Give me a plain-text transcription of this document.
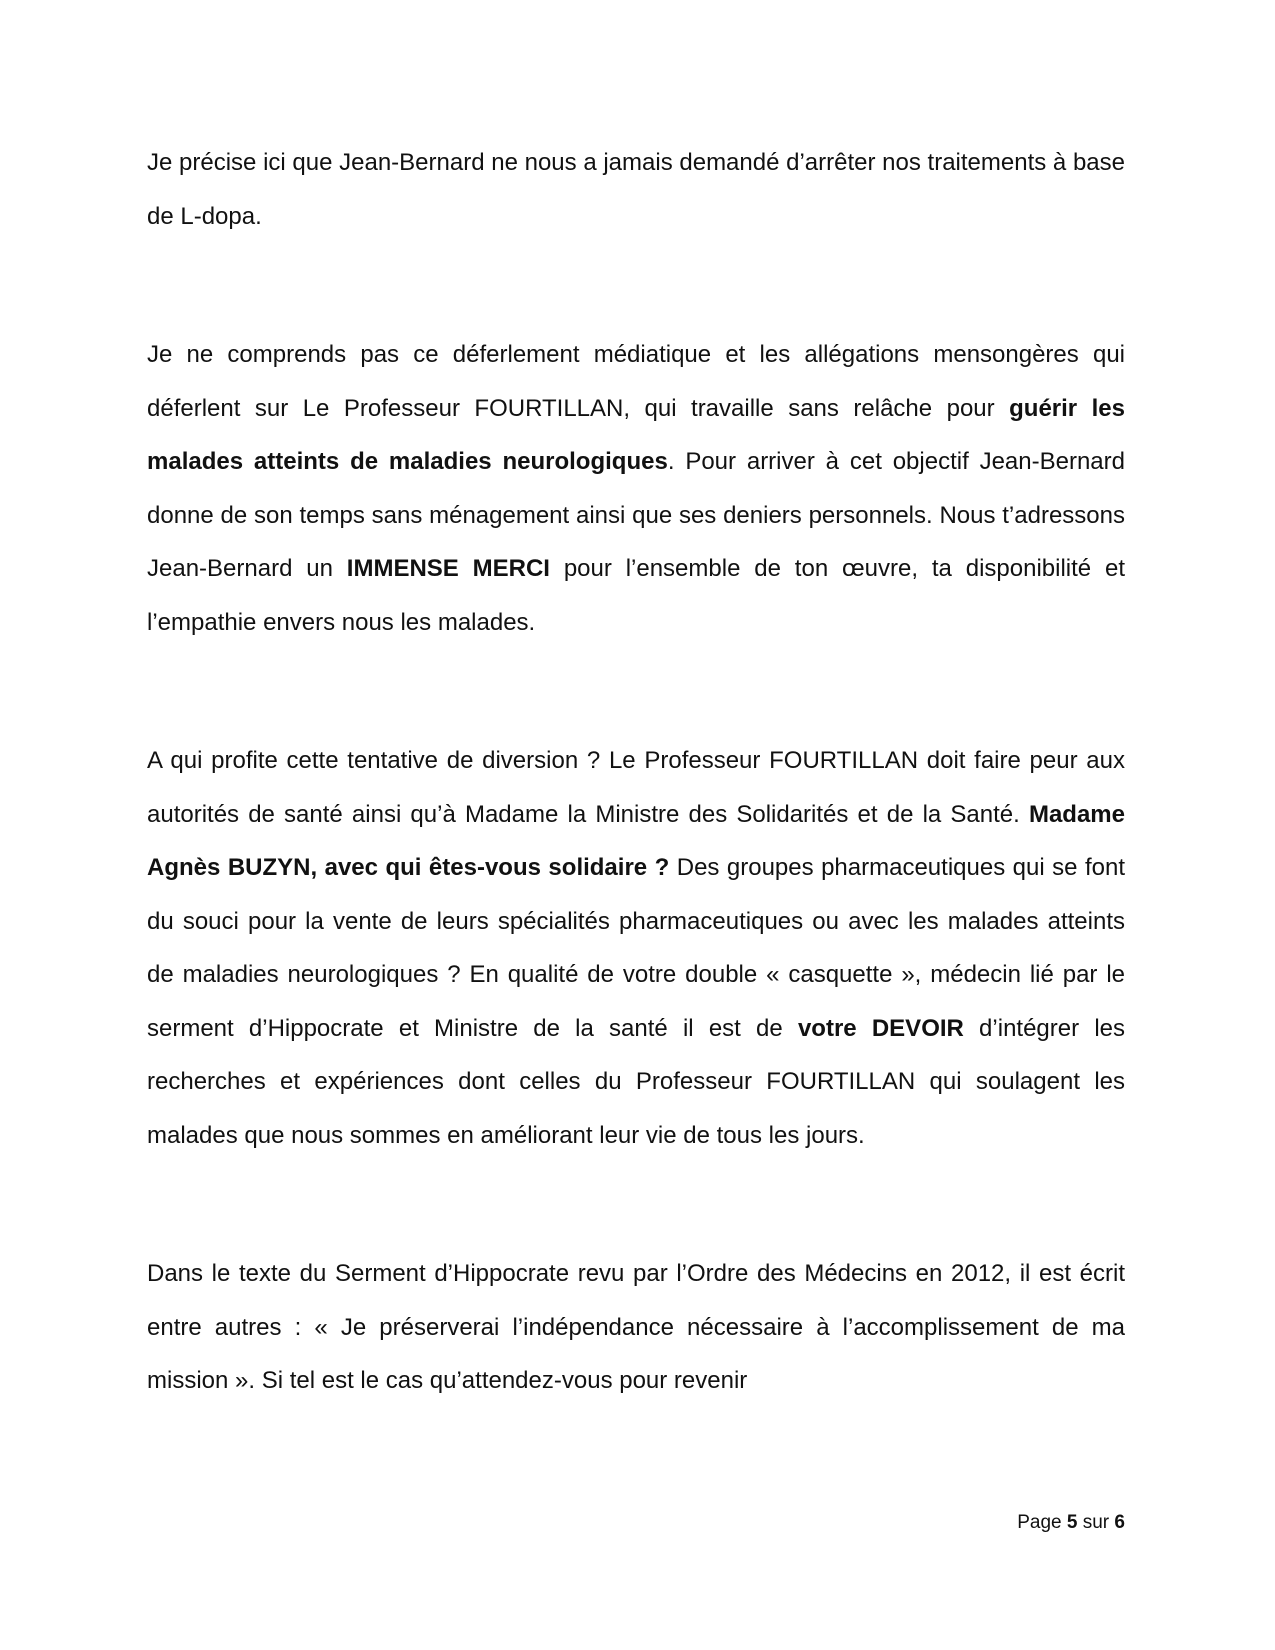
Je précise ici que Jean-Bernard ne nous a jamais demandé d’arrêter nos traitements à base de L-dopa.

Je ne comprends pas ce déferlement médiatique et les allégations mensongères qui déferlent sur Le Professeur FOURTILLAN, qui travaille sans relâche pour guérir les malades atteints de maladies neurologiques. Pour arriver à cet objectif Jean-Bernard donne de son temps sans ménagement ainsi que ses deniers personnels. Nous t’adressons Jean-Bernard un IMMENSE MERCI pour l’ensemble de ton œuvre, ta disponibilité et l’empathie envers nous les malades.

A qui profite cette tentative de diversion ? Le Professeur FOURTILLAN doit faire peur aux autorités de santé ainsi qu’à Madame la Ministre des Solidarités et de la Santé. Madame Agnès BUZYN, avec qui êtes-vous solidaire ? Des groupes pharmaceutiques qui se font du souci pour la vente de leurs spécialités pharmaceutiques ou avec les malades atteints de maladies neurologiques ? En qualité de votre double « casquette », médecin lié par le serment d’Hippocrate et Ministre de la santé il est de votre DEVOIR d’intégrer les recherches et expériences dont celles du Professeur FOURTILLAN qui soulagent les malades que nous sommes en améliorant leur vie de tous les jours.

Dans le texte du Serment d’Hippocrate revu par l’Ordre des Médecins en 2012, il est écrit entre autres : « Je préserverai l’indépendance nécessaire à l’accomplissement de ma mission ». Si tel est le cas qu’attendez-vous pour revenir

Page 5 sur 6
